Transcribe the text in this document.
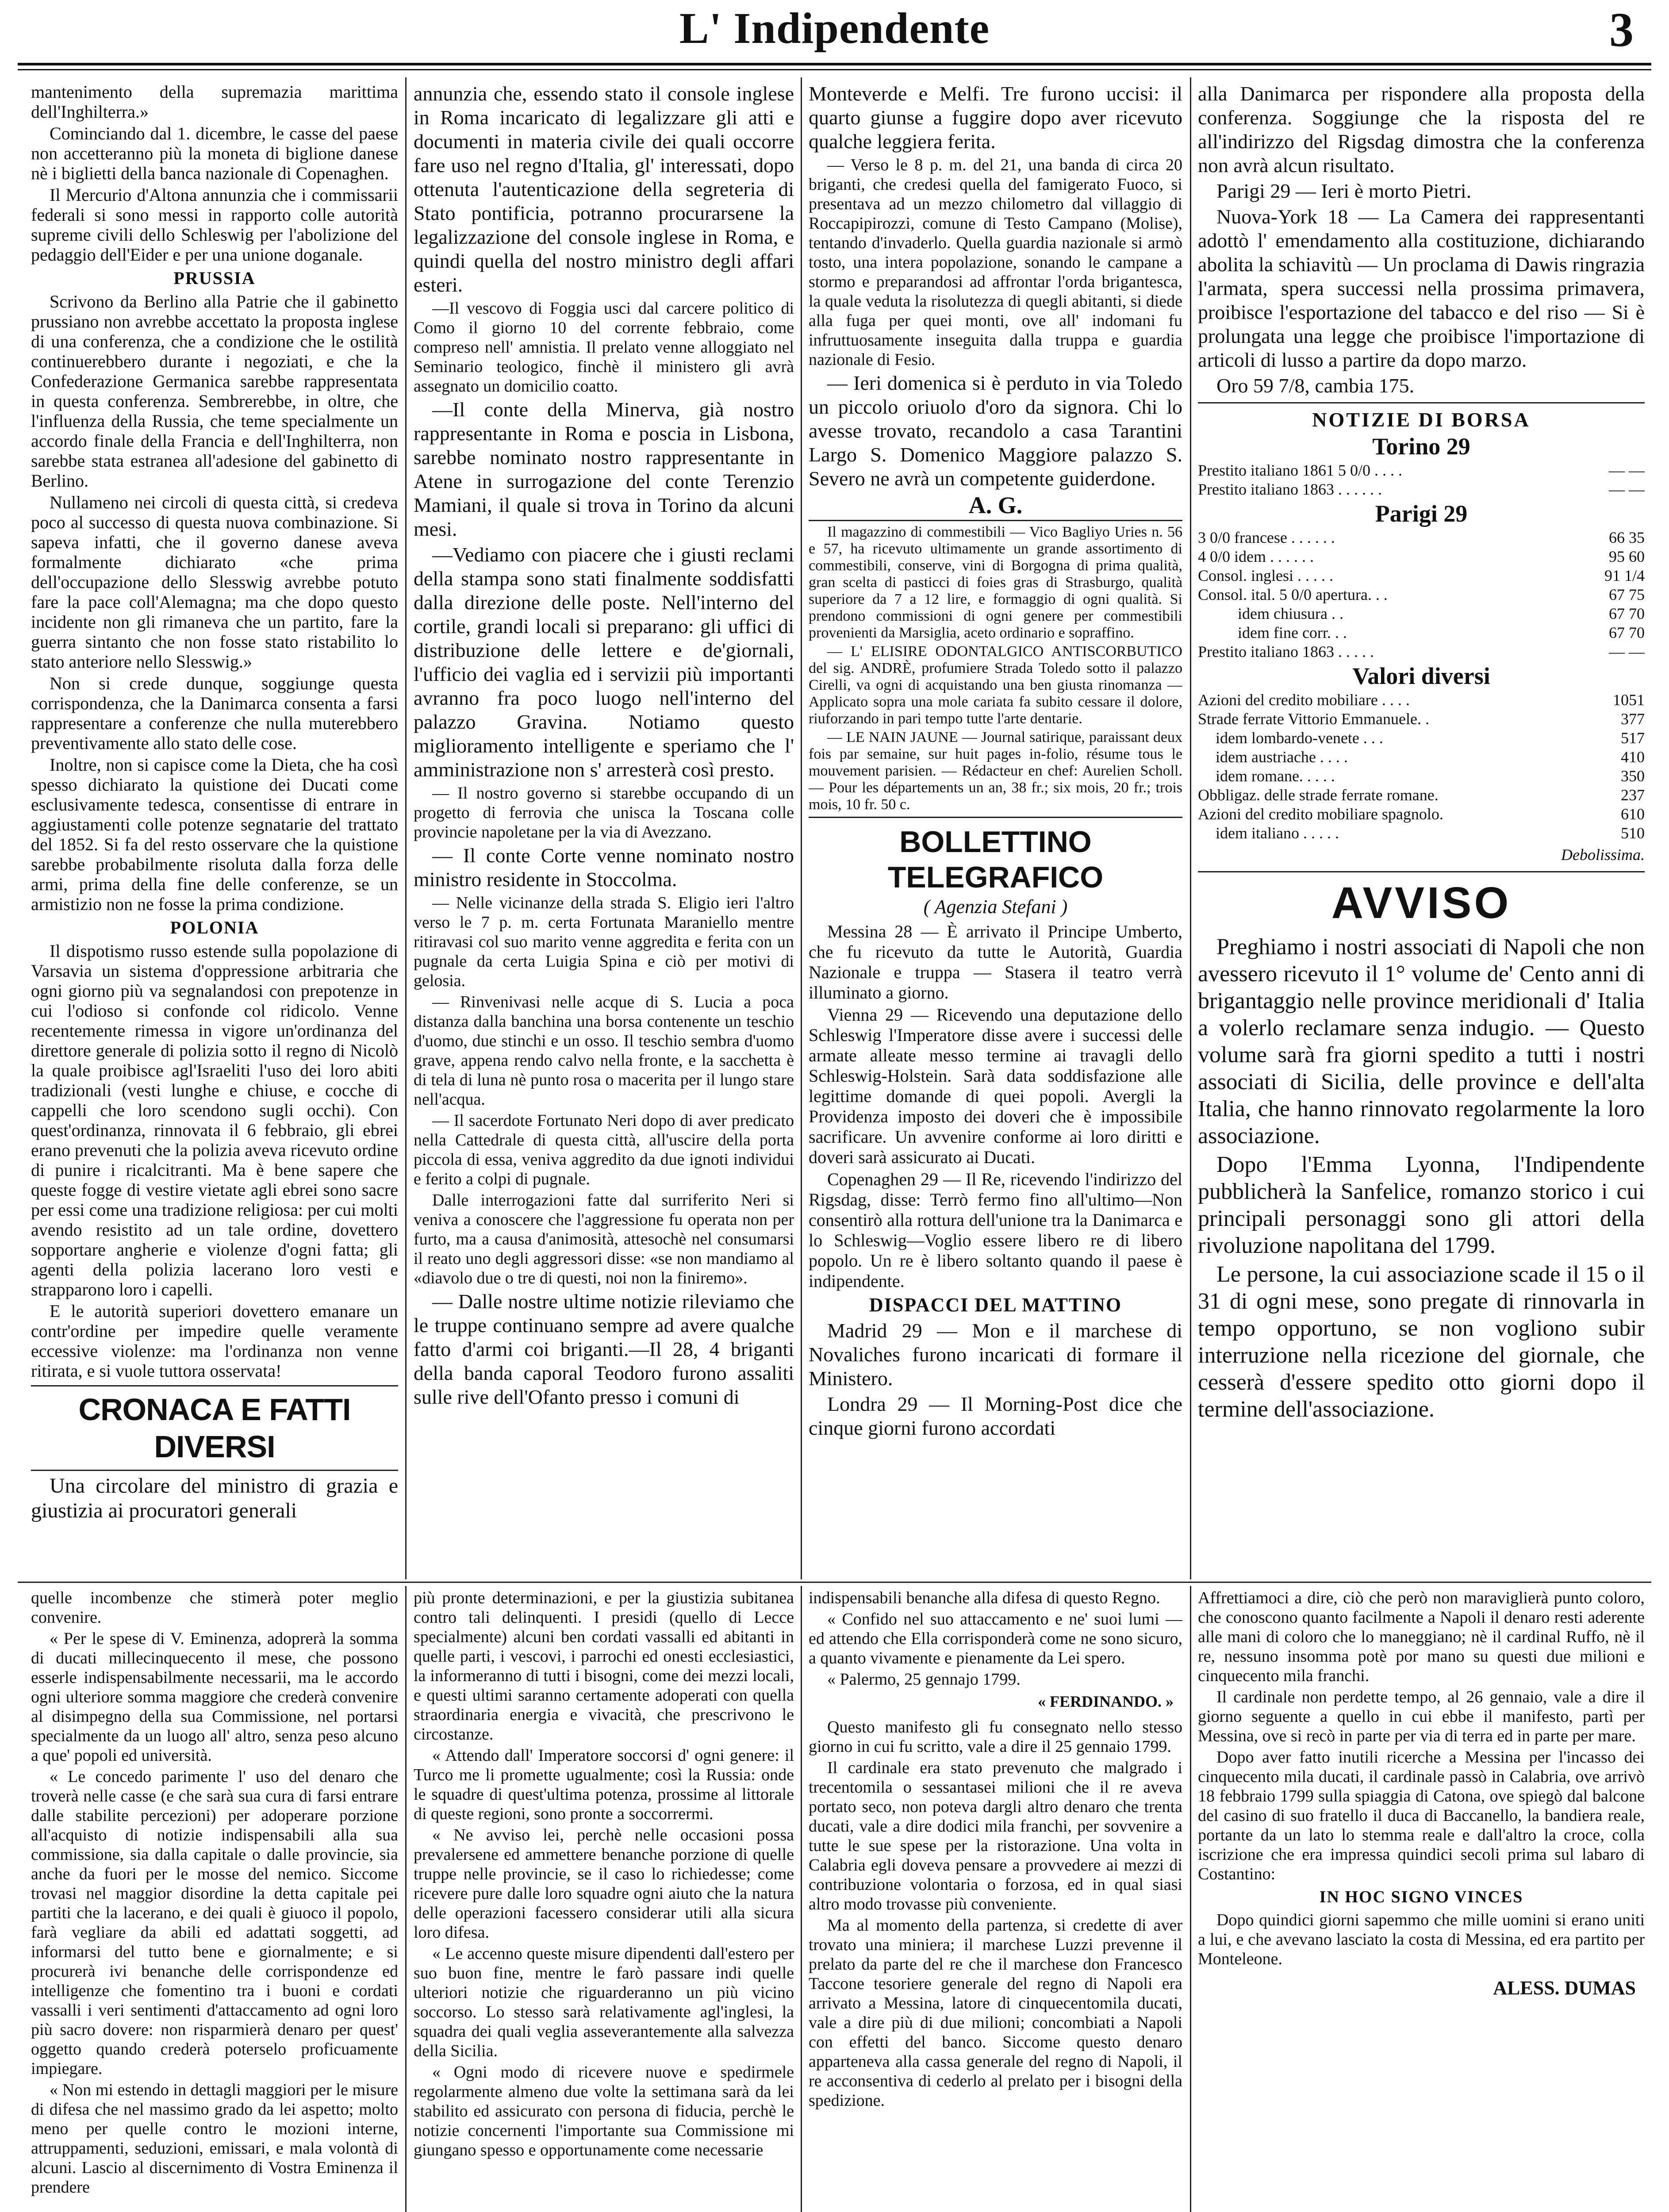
L' Indipendente	3

mantenimento della supremazia marittima dell'Inghilterra.»

Cominciando dal 1. dicembre, le casse del paese non accetteranno più la moneta di biglione danese nè i biglietti della banca nazionale di Copenaghen.

Il Mercurio d'Altona annunzia che i commissarii federali si sono messi in rapporto colle autorità supreme civili dello Schleswig per l'abolizione del pedaggio dell'Eider e per una unione doganale.

PRUSSIA

Scrivono da Berlino alla Patrie che il gabinetto prussiano non avrebbe accettato la proposta inglese di una conferenza, che a condizione che le ostilità continuerebbero durante i negoziati, e che la Confederazione Germanica sarebbe rappresentata in questa conferenza. Sembrerebbe, in oltre, che l'influenza della Russia, che teme specialmente un accordo finale della Francia e dell'Inghilterra, non sarebbe stata estranea all'adesione del gabinetto di Berlino.

Nullameno nei circoli di questa città, si credeva poco al successo di questa nuova combinazione. Si sapeva infatti, che il governo danese aveva formalmente dichiarato «che prima dell'occupazione dello Slesswig avrebbe potuto fare la pace coll'Alemagna; ma che dopo questo incidente non gli rimaneva che un partito, fare la guerra sintanto che non fosse stato ristabilito lo stato anteriore nello Slesswig.»

Non si crede dunque, soggiunge questa corrispondenza, che la Danimarca consenta a farsi rappresentare a conferenze che nulla muterebbero preventivamente allo stato delle cose.

Inoltre, non si capisce come la Dieta, che ha così spesso dichiarato la quistione dei Ducati come esclusivamente tedesca, consentisse di entrare in aggiustamenti colle potenze segnatarie del trattato del 1852. Si fa del resto osservare che la quistione sarebbe probabilmente risoluta dalla forza delle armi, prima della fine delle conferenze, se un armistizio non ne fosse la prima condizione.

POLONIA

Il dispotismo russo estende sulla popolazione di Varsavia un sistema d'oppressione arbitraria che ogni giorno più va segnalandosi con prepotenze in cui l'odioso si confonde col ridicolo. Venne recentemente rimessa in vigore un'ordinanza del direttore generale di polizia sotto il regno di Nicolò la quale proibisce agl'Israeliti l'uso dei loro abiti tradizionali (vesti lunghe e chiuse, e cocche di cappelli che loro scendono sugli occhi). Con quest'ordinanza, rinnovata il 6 febbraio, gli ebrei erano prevenuti che la polizia aveva ricevuto ordine di punire i ricalcitranti. Ma è bene sapere che queste fogge di vestire vietate agli ebrei sono sacre per essi come una tradizione religiosa: per cui molti avendo resistito ad un tale ordine, dovettero sopportare angherie e violenze d'ogni fatta; gli agenti della polizia lacerano loro vesti e strapparono loro i capelli.

E le autorità superiori dovettero emanare un contr'ordine per impedire quelle veramente eccessive violenze: ma l'ordinanza non venne ritirata, e si vuole tuttora osservata!

CRONACA E FATTI DIVERSI

Una circolare del ministro di grazia e giustizia ai procuratori generali

annunzia che, essendo stato il console inglese in Roma incaricato di legalizzare gli atti e documenti in materia civile dei quali occorre fare uso nel regno d'Italia, gl' interessati, dopo ottenuta l'autenticazione della segreteria di Stato pontificia, potranno procurarsene la legalizzazione del console inglese in Roma, e quindi quella del nostro ministro degli affari esteri.

—Il vescovo di Foggia usci dal carcere politico di Como il giorno 10 del corrente febbraio, come compreso nell' amnistia. Il prelato venne alloggiato nel Seminario teologico, finchè il ministero gli avrà assegnato un domicilio coatto.

—Il conte della Minerva, già nostro rappresentante in Roma e poscia in Lisbona, sarebbe nominato nostro rappresentante in Atene in surrogazione del conte Terenzio Mamiani, il quale si trova in Torino da alcuni mesi.

—Vediamo con piacere che i giusti reclami della stampa sono stati finalmente soddisfatti dalla direzione delle poste. Nell'interno del cortile, grandi locali si preparano: gli uffici di distribuzione delle lettere e de'giornali, l'ufficio dei vaglia ed i servizii più importanti avranno fra poco luogo nell'interno del palazzo Gravina. Notiamo questo miglioramento intelligente e speriamo che l' amministrazione non s' arresterà così presto.

— Il nostro governo si starebbe occupando di un progetto di ferrovia che unisca la Toscana colle provincie napoletane per la via di Avezzano.

— Il conte Corte venne nominato nostro ministro residente in Stoccolma.

— Nelle vicinanze della strada S. Eligio ieri l'altro verso le 7 p. m. certa Fortunata Maraniello mentre ritiravasi col suo marito venne aggredita e ferita con un pugnale da certa Luigia Spina e ciò per motivi di gelosia.

— Rinvenivasi nelle acque di S. Lucia a poca distanza dalla banchina una borsa contenente un teschio d'uomo, due stinchi e un osso. Il teschio sembra d'uomo grave, appena rendo calvo nella fronte, e la sacchetta è di tela di luna nè punto rosa o macerita per il lungo stare nell'acqua.

— Il sacerdote Fortunato Neri dopo di aver predicato nella Cattedrale di questa città, all'uscire della porta piccola di essa, veniva aggredito da due ignoti individui e ferito a colpi di pugnale.

Dalle interrogazioni fatte dal surriferito Neri si veniva a conoscere che l'aggressione fu operata non per furto, ma a causa d'animosità, attesochè nel consumarsi il reato uno degli aggressori disse: «se non mandiamo al «diavolo due o tre di questi, noi non la finiremo».

— Dalle nostre ultime notizie rileviamo che le truppe continuano sempre ad avere qualche fatto d'armi coi briganti.—Il 28, 4 briganti della banda caporal Teodoro furono assaliti sulle rive dell'Ofanto presso i comuni di

Monteverde e Melfi. Tre furono uccisi: il quarto giunse a fuggire dopo aver ricevuto qualche leggiera ferita.

— Verso le 8 p. m. del 21, una banda di circa 20 briganti, che credesi quella del famigerato Fuoco, si presentava ad un mezzo chilometro dal villaggio di Roccapipirozzi, comune di Testo Campano (Molise), tentando d'invaderlo. Quella guardia nazionale si armò tosto, una intera popolazione, sonando le campane a stormo e preparandosi ad affrontar l'orda brigantesca, la quale veduta la risolutezza di quegli abitanti, si diede alla fuga per quei monti, ove all' indomani fu infruttuosamente inseguita dalla truppa e guardia nazionale di Fesio.

— Ieri domenica si è perduto in via Toledo un piccolo oriuolo d'oro da signora. Chi lo avesse trovato, recandolo a casa Tarantini Largo S. Domenico Maggiore palazzo S. Severo ne avrà un competente guiderdone.

A. G.

Il magazzino di commestibili — Vico Bagliyo Uries n. 56 e 57, ha ricevuto ultimamente un grande assortimento di commestibili, conserve, vini di Borgogna di prima qualità, gran scelta di pasticci di foies gras di Strasburgo, qualità superiore da 7 a 12 lire, e formaggio di ogni qualità. Si prendono commissioni di ogni genere per commestibili provenienti da Marsiglia, aceto ordinario e sopraffino.

— L' ELISIRE ODONTALGICO ANTISCORBUTICO del sig. ANDRÈ, profumiere Strada Toledo sotto il palazzo Cirelli, va ogni di acquistando una ben giusta rinomanza — Applicato sopra una mole cariata fa subito cessare il dolore, riuforzando in pari tempo tutte l'arte dentarie.

— LE NAIN JAUNE — Journal satirique, paraissant deux fois par semaine, sur huit pages in-folio, résume tous le mouvement parisien. — Rédacteur en chef: Aurelien Scholl. — Pour les départements un an, 38 fr.; six mois, 20 fr.; trois mois, 10 fr. 50 c.

BOLLETTINO TELEGRAFICO
( Agenzia Stefani )

Messina 28 — È arrivato il Principe Umberto, che fu ricevuto da tutte le Autorità, Guardia Nazionale e truppa — Stasera il teatro verrà illuminato a giorno.

Vienna 29 — Ricevendo una deputazione dello Schleswig l'Imperatore disse avere i successi delle armate alleate messo termine ai travagli dello Schleswig-Holstein. Sarà data soddisfazione alle legittime domande di quei popoli. Avergli la Providenza imposto dei doveri che è impossibile sacrificare. Un avvenire conforme ai loro diritti e doveri sarà assicurato ai Ducati.

Copenaghen 29 — Il Re, ricevendo l'indirizzo del Rigsdag, disse: Terrò fermo fino all'ultimo—Non consentirò alla rottura dell'unione tra la Danimarca e lo Schleswig—Voglio essere libero re di libero popolo. Un re è libero soltanto quando il paese è indipendente.

DISPACCI DEL MATTINO

Madrid 29 — Mon e il marchese di Novaliches furono incaricati di formare il Ministero.

Londra 29 — Il Morning-Post dice che cinque giorni furono accordati

alla Danimarca per rispondere alla proposta della conferenza. Soggiunge che la risposta del re all'indirizzo del Rigsdag dimostra che la conferenza non avrà alcun risultato.

Parigi 29 — Ieri è morto Pietri.

Nuova-York 18 — La Camera dei rappresentanti adottò l' emendamento alla costituzione, dichiarando abolita la schiavitù — Un proclama di Dawis ringrazia l'armata, spera successi nella prossima primavera, proibisce l'esportazione del tabacco e del riso — Si è prolungata una legge che proibisce l'importazione di articoli di lusso a partire da dopo marzo.

Oro 59 7/8, cambia 175.

NOTIZIE DI BORSA
Torino 29
Prestito italiano 1861 5 0/0 . . . .	— —
Prestito italiano 1863 . . . . . .	— —
Parigi 29
3 0/0 francese . . . . . .	66 35
4 0/0 idem . . . . . .	95 60
Consol. inglesi . . . . .	91 1/4
Consol. ital. 5 0/0 apertura. . .	67 75
idem chiusura . .	67 70
idem fine corr. . .	67 70
Prestito italiano 1863 . . . . .	— —
Valori diversi
Azioni del credito mobiliare . . . .	1051
Strade ferrate Vittorio Emmanuele. .	377
idem lombardo-venete . . .	517
idem austriache . . . .	410
idem romane. . . . .	350
Obbligaz. delle strade ferrate romane.	237
Azioni del credito mobiliare spagnolo.	610
idem italiano . . . . .	510
Debolissima.
AVVISO

Preghiamo i nostri associati di Napoli che non avessero ricevuto il 1° volume de' Cento anni di brigantaggio nelle province meridionali d' Italia a volerlo reclamare senza indugio. — Questo volume sarà fra giorni spedito a tutti i nostri associati di Sicilia, delle province e dell'alta Italia, che hanno rinnovato regolarmente la loro associazione.

Dopo l'Emma Lyonna, l'Indipendente pubblicherà la Sanfelice, romanzo storico i cui principali personaggi sono gli attori della rivoluzione napolitana del 1799.

Le persone, la cui associazione scade il 15 o il 31 di ogni mese, sono pregate di rinnovarla in tempo opportuno, se non vogliono subir interruzione nella ricezione del giornale, che cesserà d'essere spedito otto giorni dopo il termine dell'associazione.

quelle incombenze che stimerà poter meglio convenire.

« Per le spese di V. Eminenza, adoprerà la somma di ducati millecinquecento il mese, che possono esserle indispensabilmente necessarii, ma le accordo ogni ulteriore somma maggiore che crederà convenire al disimpegno della sua Commissione, nel portarsi specialmente da un luogo all' altro, senza peso alcuno a que' popoli ed università.

« Le concedo parimente l' uso del denaro che troverà nelle casse (e che sarà sua cura di farsi entrare dalle stabilite percezioni) per adoperare porzione all'acquisto di notizie indispensabili alla sua commissione, sia dalla capitale o dalle provincie, sia anche da fuori per le mosse del nemico. Siccome trovasi nel maggior disordine la detta capitale pei partiti che la lacerano, e dei quali è giuoco il popolo, farà vegliare da abili ed adattati soggetti, ad informarsi del tutto bene e giornalmente; e si procurerà ivi benanche delle corrispondenze ed intelligenze che fomentino tra i buoni e cordati vassalli i veri sentimenti d'attaccamento ad ogni loro più sacro dovere: non risparmierà denaro per quest' oggetto quando crederà poterselo proficuamente impiegare.

« Non mi estendo in dettagli maggiori per le misure di difesa che nel massimo grado da lei aspetto; molto meno per quelle contro le mozioni interne, attruppamenti, seduzioni, emissari, e mala volontà di alcuni. Lascio al discernimento di Vostra Eminenza il prendere

più pronte determinazioni, e per la giustizia subitanea contro tali delinquenti. I presidi (quello di Lecce specialmente) alcuni ben cordati vassalli ed abitanti in quelle parti, i vescovi, i parrochi ed onesti ecclesiastici, la informeranno di tutti i bisogni, come dei mezzi locali, e questi ultimi saranno certamente adoperati con quella straordinaria energia e vivacità, che prescrivono le circostanze.

« Attendo dall' Imperatore soccorsi d' ogni genere: il Turco me li promette ugualmente; così la Russia: onde le squadre di quest'ultima potenza, prossime al littorale di queste regioni, sono pronte a soccorrermi.

« Ne avviso lei, perchè nelle occasioni possa prevalersene ed ammettere benanche porzione di quelle truppe nelle provincie, se il caso lo richiedesse; come ricevere pure dalle loro squadre ogni aiuto che la natura delle operazioni facessero considerar utili alla sicura loro difesa.

« Le accenno queste misure dipendenti dall'estero per suo buon fine, mentre le farò passare indi quelle ulteriori notizie che riguarderanno un più vicino soccorso. Lo stesso sarà relativamente agl'inglesi, la squadra dei quali veglia asseverantemente alla salvezza della Sicilia.

« Ogni modo di ricevere nuove e spedirmele regolarmente almeno due volte la settimana sarà da lei stabilito ed assicurato con persona di fiducia, perchè le notizie concernenti l'importante sua Commissione mi giungano spesso e opportunamente come necessarie

indispensabili benanche alla difesa di questo Regno.

« Confido nel suo attaccamento e ne' suoi lumi — ed attendo che Ella corrisponderà come ne sono sicuro, a quanto vivamente e pienamente da Lei spero.

« Palermo, 25 gennajo 1799.

« FERDINANDO. »

Questo manifesto gli fu consegnato nello stesso giorno in cui fu scritto, vale a dire il 25 gennaio 1799.

Il cardinale era stato prevenuto che malgrado i trecentomila o sessantasei milioni che il re aveva portato seco, non poteva dargli altro denaro che trenta ducati, vale a dire dodici mila franchi, per sovvenire a tutte le sue spese per la ristorazione. Una volta in Calabria egli doveva pensare a provvedere ai mezzi di contribuzione volontaria o forzosa, ed in qual siasi altro modo trovasse più conveniente.

Ma al momento della partenza, si credette di aver trovato una miniera; il marchese Luzzi prevenne il prelato da parte del re che il marchese don Francesco Taccone tesoriere generale del regno di Napoli era arrivato a Messina, latore di cinquecentomila ducati, vale a dire più di due milioni; concombiati a Napoli con effetti del banco. Siccome questo denaro apparteneva alla cassa generale del regno di Napoli, il re acconsentiva di cederlo al prelato per i bisogni della spedizione.

Affrettiamoci a dire, ciò che però non maraviglierà punto coloro, che conoscono quanto facilmente a Napoli il denaro resti aderente alle mani di coloro che lo maneggiano; nè il cardinal Ruffo, nè il re, nessuno insomma potè por mano su questi due milioni e cinquecento mila franchi.

Il cardinale non perdette tempo, al 26 gennaio, vale a dire il giorno seguente a quello in cui ebbe il manifesto, partì per Messina, ove si recò in parte per via di terra ed in parte per mare.

Dopo aver fatto inutili ricerche a Messina per l'incasso dei cinquecento mila ducati, il cardinale passò in Calabria, ove arrivò 18 febbraio 1799 sulla spiaggia di Catona, ove spiegò dal balcone del casino di suo fratello il duca di Baccanello, la bandiera reale, portante da un lato lo stemma reale e dall'altro la croce, colla iscrizione che era impressa quindici secoli prima sul labaro di Costantino:

IN HOC SIGNO VINCES

Dopo quindici giorni sapemmo che mille uomini si erano uniti a lui, e che avevano lasciato la costa di Messina, ed era partito per Monteleone.

ALESS. DUMAS
